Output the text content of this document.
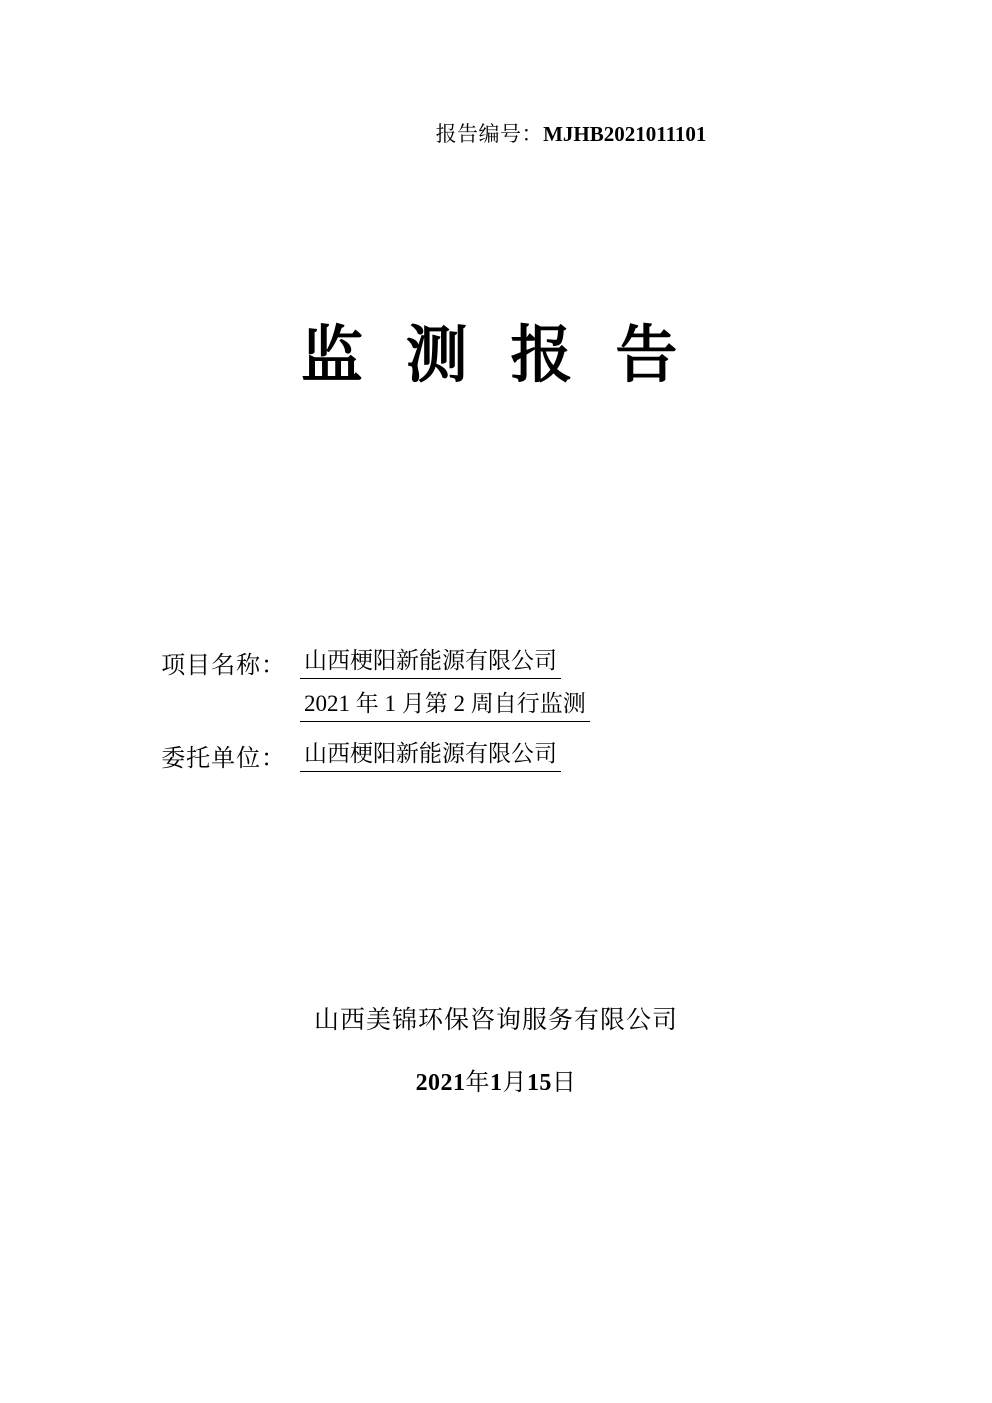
报告编号：MJHB2021011101
监 测 报 告
项目名称： 山西梗阳新能源有限公司
2021 年 1 月第 2 周自行监测
委托单位： 山西梗阳新能源有限公司
山西美锦环保咨询服务有限公司
2021年1月15日
